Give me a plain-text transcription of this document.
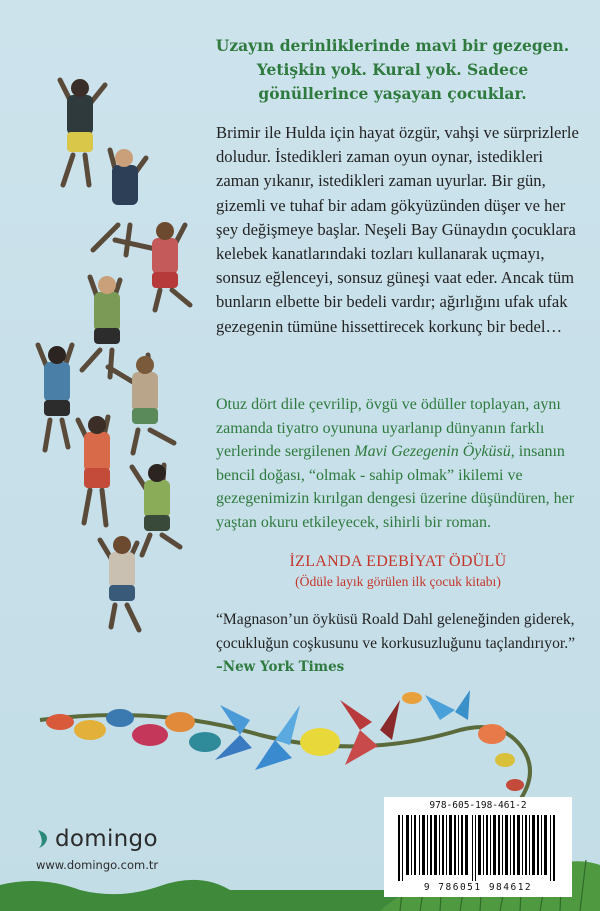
Uzayın derinliklerinde mavi bir gezegen. Yetişkin yok. Kural yok. Sadece gönüllerince yaşayan çocuklar.
Brimir ile Hulda için hayat özgür, vahşi ve sürprizlerle doludur. İstedikleri zaman oyun oynar, istedikleri zaman yıkanır, istedikleri zaman uyurlar. Bir gün, gizemli ve tuhaf bir adam gökyüzünden düşer ve her şey değişmeye başlar. Neşeli Bay Günaydın çocuklara kelebek kanatlarındaki tozları kullanarak uçmayı, sonsuz eğlenceyi, sonsuz güneşi vaat eder. Ancak tüm bunların elbette bir bedeli vardır; ağırlığını ufak ufak gezegenin tümüne hissettirecek korkunç bir bedel…
Otuz dört dile çevrilip, övgü ve ödüller toplayan, aynı zamanda tiyatro oyununa uyarlanıp dünyanın farklı yerlerinde sergilenen Mavi Gezegenin Öyküsü, insanın bencil doğası, “olmak - sahip olmak” ikilemi ve gezegenimizin kırılgan dengesi üzerine düşündüren, her yaştan okuru etkileyecek, sihirli bir roman.
İZLANDA EDEBİYAT ÖDÜLÜ
(Ödüle layık görülen ilk çocuk kitabı)
“Magnason’un öyküsü Roald Dahl geleneğinden giderek, çocukluğun coşkusunu ve korkusuzluğunu taçlandırıyor.” –New York Times
domingo
www.domingo.com.tr
978-605-198-461-2
9 786051 984612
